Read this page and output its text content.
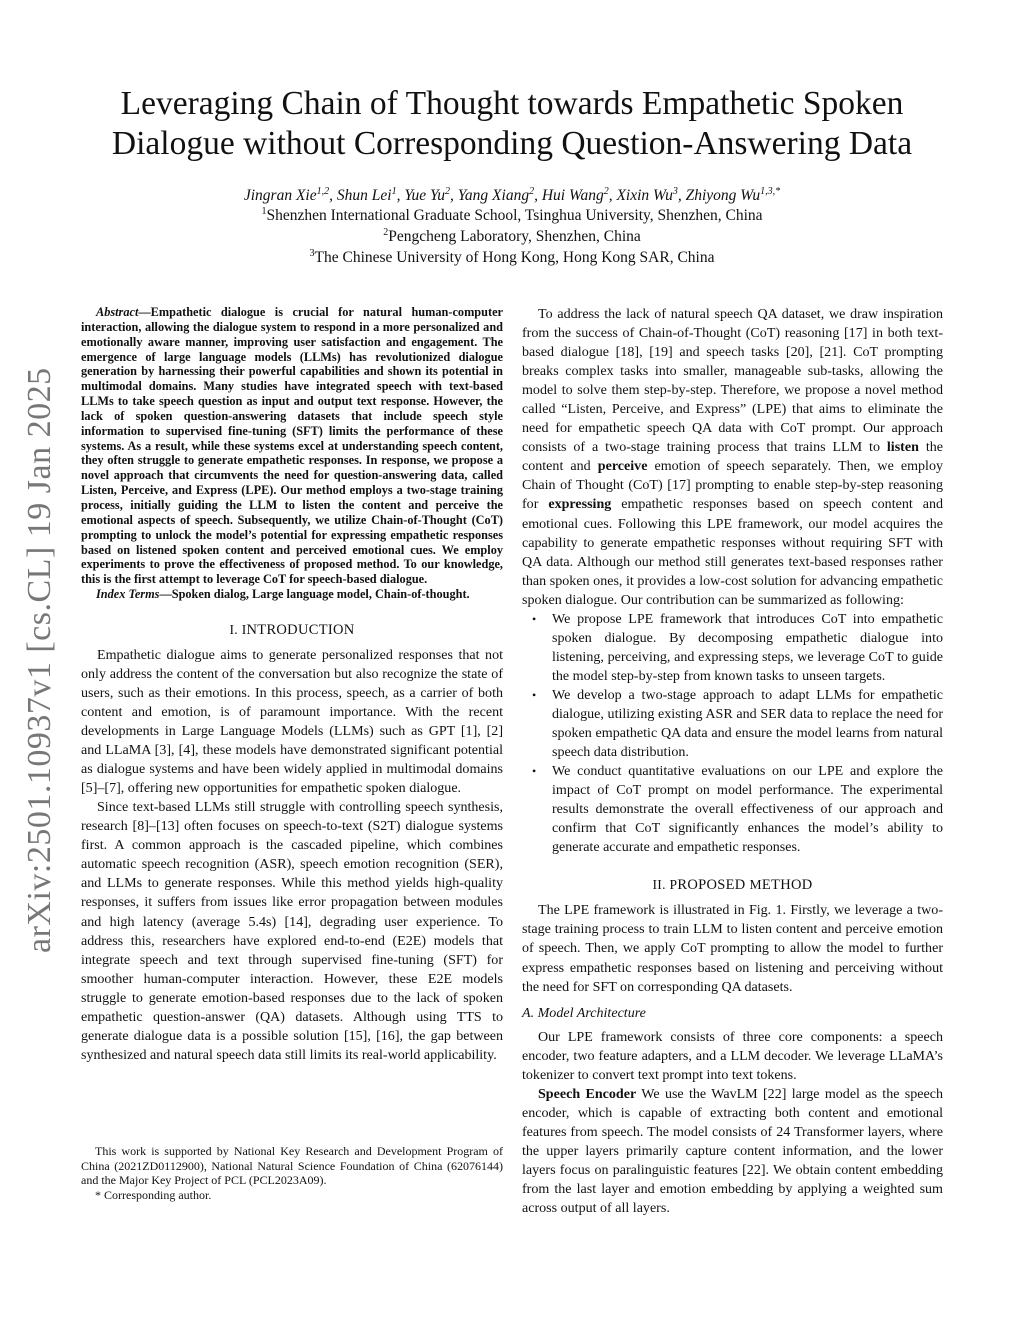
arXiv:2501.10937v1 [cs.CL] 19 Jan 2025
Leveraging Chain of Thought towards Empathetic Spoken
Dialogue without Corresponding Question-Answering Data
Jingran Xie$^{1,2}$, Shun Lei$^1$, Yue Yu$^2$, Yang Xiang$^2$, Hui Wang$^2$, Xixin Wu$^3$, Zhiyong $Wu^{1,3,*}$
$^1$Shenzhen International Graduate School, Tsinghua University, Shenzhen, China
$^2$Pengcheng Laboratory, Shenzhen, China
$^3$The Chinese University of Hong Kong, Hong Kong SAR, China

Abstract—Empathetic dialogue is crucial for natural human-computer interaction, allowing the dialogue system to respond in a more personalized and emotionally aware manner, improving user satisfaction and engagement. The emergence of large language models (LLMs) has revolutionized dialogue generation by harnessing their powerful capabilities and shown its potential in multimodal domains. Many studies have integrated speech with text-based LLMs to take speech question as input and output text response. However, the lack of spoken question-answering datasets that include speech style information to supervised fine-tuning (SFT) limits the performance of these systems. As a result, while these systems excel at understanding speech content, they often struggle to generate empathetic responses. In response, we propose a novel approach that circumvents the need for question-answering data, called Listen, Perceive, and Express (LPE). Our method employs a two-stage training process, initially guiding the LLM to listen the content and perceive the emotional aspects of speech. Subsequently, we utilize Chain-of-Thought (CoT) prompting to unlock the model’s potential for expressing empathetic responses based on listened spoken content and perceived emotional cues. We employ experiments to prove the effectiveness of proposed method. To our knowledge, this is the first attempt to leverage CoT for speech-based dialogue.

Index Terms—Spoken dialog, Large language model, Chain-of-thought.

I. INTRODUCTION

Empathetic dialogue aims to generate personalized responses that not only address the content of the conversation but also recognize the state of users, such as their emotions. In this process, speech, as a carrier of both content and emotion, is of paramount importance. With the recent developments in Large Language Models (LLMs) such as GPT [1], [2] and LLaMA [3], [4], these models have demonstrated significant potential as dialogue systems and have been widely applied in multimodal domains [5]–[7], offering new opportunities for empathetic spoken dialogue.

Since text-based LLMs still struggle with controlling speech synthesis, research [8]–[13] often focuses on speech-to-text (S2T) dialogue systems first. A common approach is the cascaded pipeline, which combines automatic speech recognition (ASR), speech emotion recognition (SER), and LLMs to generate responses. While this method yields high-quality responses, it suffers from issues like error propagation between modules and high latency (average 5.4s) [14], degrading user experience. To address this, researchers have explored end-to-end (E2E) models that integrate speech and text through supervised fine-tuning (SFT) for smoother human-computer interaction. However, these E2E models struggle to generate emotion-based responses due to the lack of spoken empathetic question-answer (QA) datasets. Although using TTS to generate dialogue data is a possible solution [15], [16], the gap between synthesized and natural speech data still limits its real-world applicability.

This work is supported by National Key Research and Development Program of China (2021ZD0112900), National Natural Science Foundation of China (62076144) and the Major Key Project of PCL (PCL2023A09).

* Corresponding author.

To address the lack of natural speech QA dataset, we draw inspiration from the success of Chain-of-Thought (CoT) reasoning [17] in both text-based dialogue [18], [19] and speech tasks [20], [21]. CoT prompting breaks complex tasks into smaller, manageable sub-tasks, allowing the model to solve them step-by-step. Therefore, we propose a novel method called “Listen, Perceive, and Express” (LPE) that aims to eliminate the need for empathetic speech QA data with CoT prompt. Our approach consists of a two-stage training process that trains LLM to listen the content and perceive emotion of speech separately. Then, we employ Chain of Thought (CoT) [17] prompting to enable step-by-step reasoning for expressing empathetic responses based on speech content and emotional cues. Following this LPE framework, our model acquires the capability to generate empathetic responses without requiring SFT with QA data. Although our method still generates text-based responses rather than spoken ones, it provides a low-cost solution for advancing empathetic spoken dialogue. Our contribution can be summarized as following:

• We propose LPE framework that introduces CoT into empathetic spoken dialogue. By decomposing empathetic dialogue into listening, perceiving, and expressing steps, we leverage CoT to guide the model step-by-step from known tasks to unseen targets.
• We develop a two-stage approach to adapt LLMs for empathetic dialogue, utilizing existing ASR and SER data to replace the need for spoken empathetic QA data and ensure the model learns from natural speech data distribution.
• We conduct quantitative evaluations on our LPE and explore the impact of CoT prompt on model performance. The experimental results demonstrate the overall effectiveness of our approach and confirm that CoT significantly enhances the model’s ability to generate accurate and empathetic responses.
II. PROPOSED METHOD

The LPE framework is illustrated in Fig. 1. Firstly, we leverage a two-stage training process to train LLM to listen content and perceive emotion of speech. Then, we apply CoT prompting to allow the model to further express empathetic responses based on listening and perceiving without the need for SFT on corresponding QA datasets.

A. Model Architecture

Our LPE framework consists of three core components: a speech encoder, two feature adapters, and a LLM decoder. We leverage LLaMA’s tokenizer to convert text prompt into text tokens.

Speech Encoder We use the WavLM [22] large model as the speech encoder, which is capable of extracting both content and emotional features from speech. The model consists of 24 Transformer layers, where the upper layers primarily capture content information, and the lower layers focus on paralinguistic features [22]. We obtain content embedding from the last layer and emotion embedding by applying a weighted sum across output of all layers.
